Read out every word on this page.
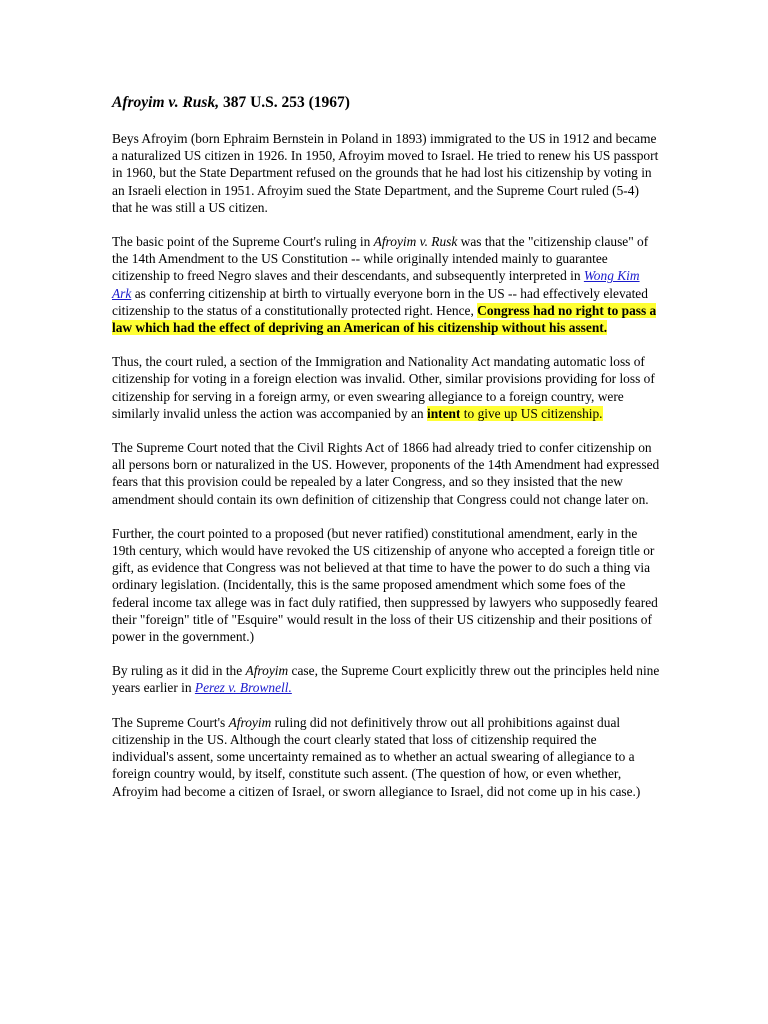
Afroyim v. Rusk, 387 U.S. 253 (1967)

Beys Afroyim (born Ephraim Bernstein in Poland in 1893) immigrated to the US in 1912 and became a naturalized US citizen in 1926. In 1950, Afroyim moved to Israel. He tried to renew his US passport in 1960, but the State Department refused on the grounds that he had lost his citizenship by voting in an Israeli election in 1951. Afroyim sued the State Department, and the Supreme Court ruled (5-4) that he was still a US citizen.

The basic point of the Supreme Court's ruling in Afroyim v. Rusk was that the "citizenship clause" of the 14th Amendment to the US Constitution -- while originally intended mainly to guarantee citizenship to freed Negro slaves and their descendants, and subsequently interpreted in Wong Kim Ark as conferring citizenship at birth to virtually everyone born in the US -- had effectively elevated citizenship to the status of a constitutionally protected right. Hence, Congress had no right to pass a law which had the effect of depriving an American of his citizenship without his assent.

Thus, the court ruled, a section of the Immigration and Nationality Act mandating automatic loss of citizenship for voting in a foreign election was invalid. Other, similar provisions providing for loss of citizenship for serving in a foreign army, or even swearing allegiance to a foreign country, were similarly invalid unless the action was accompanied by an intent to give up US citizenship.

The Supreme Court noted that the Civil Rights Act of 1866 had already tried to confer citizenship on all persons born or naturalized in the US. However, proponents of the 14th Amendment had expressed fears that this provision could be repealed by a later Congress, and so they insisted that the new amendment should contain its own definition of citizenship that Congress could not change later on.

Further, the court pointed to a proposed (but never ratified) constitutional amendment, early in the 19th century, which would have revoked the US citizenship of anyone who accepted a foreign title or gift, as evidence that Congress was not believed at that time to have the power to do such a thing via ordinary legislation. (Incidentally, this is the same proposed amendment which some foes of the federal income tax allege was in fact duly ratified, then suppressed by lawyers who supposedly feared their "foreign" title of "Esquire" would result in the loss of their US citizenship and their positions of power in the government.)

By ruling as it did in the Afroyim case, the Supreme Court explicitly threw out the principles held nine years earlier in Perez v. Brownell.

The Supreme Court's Afroyim ruling did not definitively throw out all prohibitions against dual citizenship in the US. Although the court clearly stated that loss of citizenship required the individual's assent, some uncertainty remained as to whether an actual swearing of allegiance to a foreign country would, by itself, constitute such assent. (The question of how, or even whether, Afroyim had become a citizen of Israel, or sworn allegiance to Israel, did not come up in his case.)
